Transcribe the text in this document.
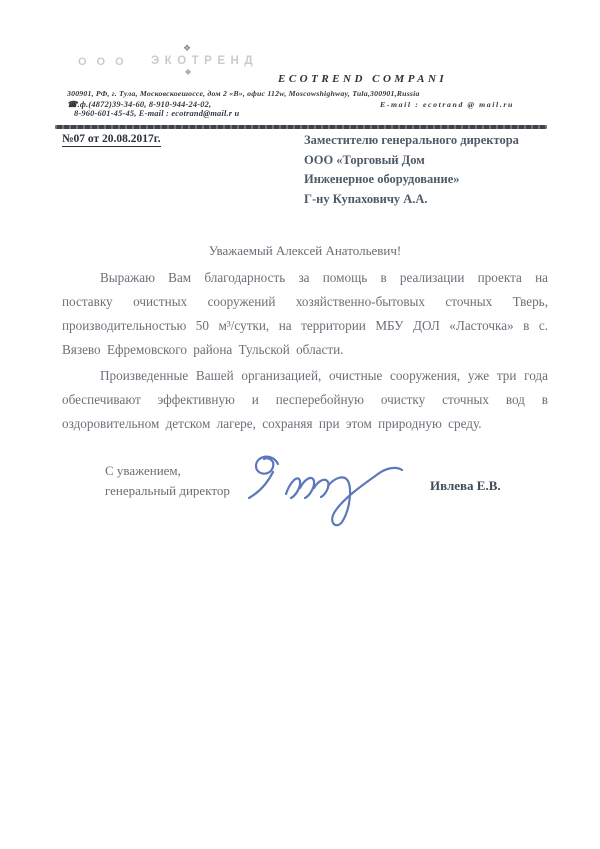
ООО ЭКОТРЕНД
❖
◆
ECOTREND COMPANI
300901, РФ, г. Тула, Московскоешоссе, дом 2 «В», офис 112w, Moscowshighway, Tula,300901,Russia
☎.ф.(4872)39-34-60, 8-910-944-24-02,	E-mail : ecotrand @ mail.ru
8-960-601-45-45, E-mail : ecotrand@mail.r u
№07 от 20.08.2017г.	Заместителю генерального директора
ООО «Торговый Дом
Инженерное оборудование»
Г-ну Купаховичу А.А.
Уважаемый Алексей Анатольевич!

Выражаю Вам благодарность за помощь в реализации проекта на поставку очистных сооружений хозяйственно-бытовых сточных Тверь, производительностью 50 м³/сутки, на территории МБУ ДОЛ «Ласточка» в с. Вязево Ефремовского района Тульской области.

Произведенные Вашей организацией, очистные сооружения, уже три года обеспечивают эффективную и песперебойную очистку сточных вод в оздоровительном детском лагере, сохраняя при этом природную среду.

С уважением,
генеральный директор	Ивлева Е.В.
